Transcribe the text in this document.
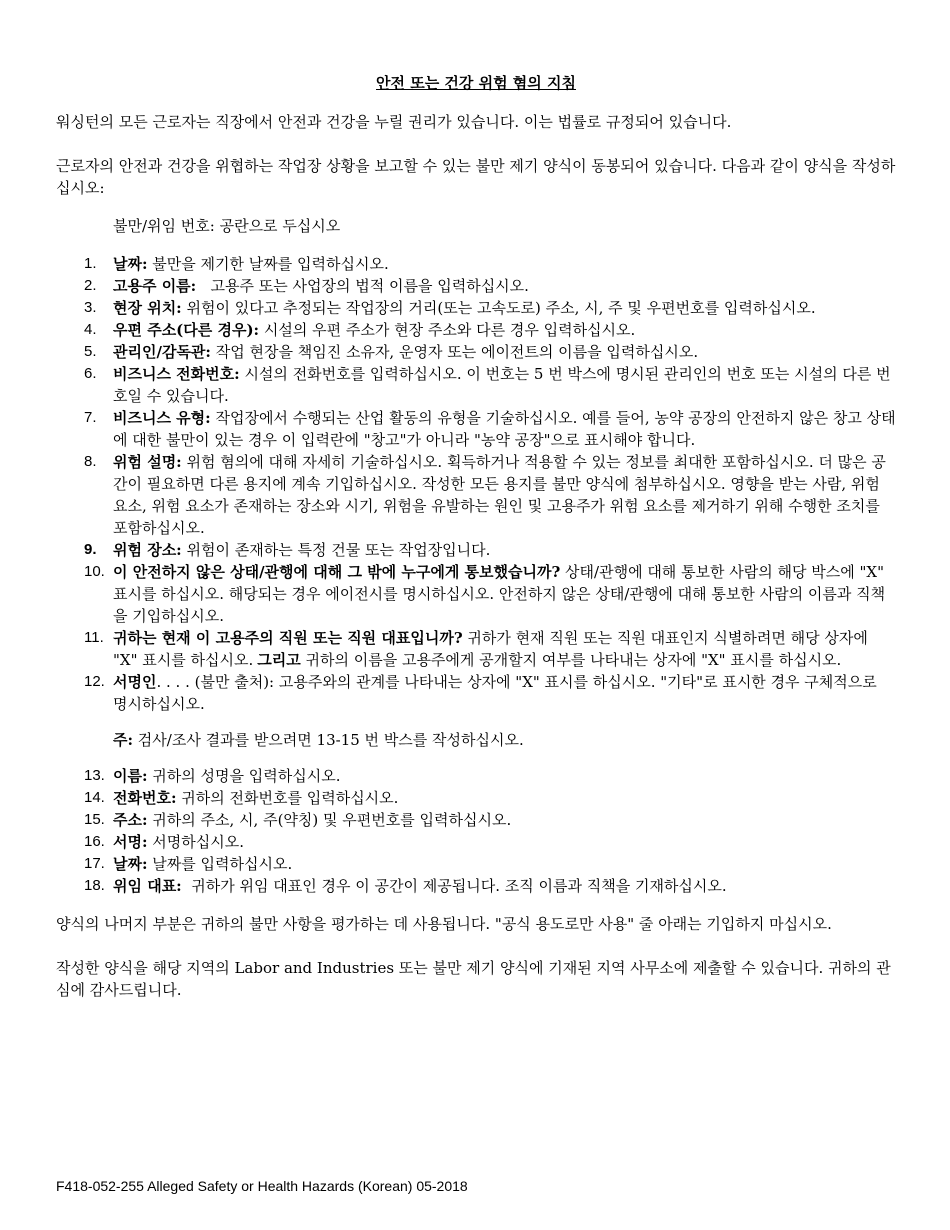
안전 또는 건강 위험 혐의 지침

워싱턴의 모든 근로자는 직장에서 안전과 건강을 누릴 권리가 있습니다. 이는 법률로 규정되어 있습니다.

근로자의 안전과 건강을 위협하는 작업장 상황을 보고할 수 있는 불만 제기 양식이 동봉되어 있습니다. 다음과 같이 양식을 작성하십시오:

불만/위임 번호: 공란으로 두십시오

1. 날짜: 불만을 제기한 날짜를 입력하십시오.
2. 고용주 이름:   고용주 또는 사업장의 법적 이름을 입력하십시오.
3. 현장 위치: 위험이 있다고 추정되는 작업장의 거리(또는 고속도로) 주소, 시, 주 및 우편번호를 입력하십시오.
4. 우편 주소(다른 경우): 시설의 우편 주소가 현장 주소와 다른 경우 입력하십시오.
5. 관리인/감독관: 작업 현장을 책임진 소유자, 운영자 또는 에이전트의 이름을 입력하십시오.
6. 비즈니스 전화번호: 시설의 전화번호를 입력하십시오. 이 번호는 5 번 박스에 명시된 관리인의 번호 또는 시설의 다른 번호일 수 있습니다.
7. 비즈니스 유형: 작업장에서 수행되는 산업 활동의 유형을 기술하십시오. 예를 들어, 농약 공장의 안전하지 않은 창고 상태에 대한 불만이 있는 경우 이 입력란에 "창고"가 아니라 "농약 공장"으로 표시해야 합니다.
8. 위험 설명: 위험 혐의에 대해 자세히 기술하십시오. 획득하거나 적용할 수 있는 정보를 최대한 포함하십시오. 더 많은 공간이 필요하면 다른 용지에 계속 기입하십시오. 작성한 모든 용지를 불만 양식에 첨부하십시오. 영향을 받는 사람, 위험 요소, 위험 요소가 존재하는 장소와 시기, 위험을 유발하는 원인 및 고용주가 위험 요소를 제거하기 위해 수행한 조치를 포함하십시오.
9. 위험 장소: 위험이 존재하는 특정 건물 또는 작업장입니다.
10. 이 안전하지 않은 상태/관행에 대해 그 밖에 누구에게 통보했습니까? 상태/관행에 대해 통보한 사람의 해당 박스에 "X" 표시를 하십시오. 해당되는 경우 에이전시를 명시하십시오. 안전하지 않은 상태/관행에 대해 통보한 사람의 이름과 직책을 기입하십시오.
11. 귀하는 현재 이 고용주의 직원 또는 직원 대표입니까? 귀하가 현재 직원 또는 직원 대표인지 식별하려면 해당 상자에 "X" 표시를 하십시오. 그리고 귀하의 이름을 고용주에게 공개할지 여부를 나타내는 상자에 "X" 표시를 하십시오.
12. 서명인. . . . (불만 출처): 고용주와의 관계를 나타내는 상자에 "X" 표시를 하십시오. "기타"로 표시한 경우 구체적으로 명시하십시오.

주: 검사/조사 결과를 받으려면 13-15 번 박스를 작성하십시오.

13. 이름: 귀하의 성명을 입력하십시오.
14. 전화번호: 귀하의 전화번호를 입력하십시오.
15. 주소: 귀하의 주소, 시, 주(약칭) 및 우편번호를 입력하십시오.
16. 서명: 서명하십시오.
17. 날짜: 날짜를 입력하십시오.
18. 위임 대표:  귀하가 위임 대표인 경우 이 공간이 제공됩니다. 조직 이름과 직책을 기재하십시오.

양식의 나머지 부분은 귀하의 불만 사항을 평가하는 데 사용됩니다. "공식 용도로만 사용" 줄 아래는 기입하지 마십시오.

작성한 양식을 해당 지역의 Labor and Industries 또는 불만 제기 양식에 기재된 지역 사무소에 제출할 수 있습니다. 귀하의 관심에 감사드립니다.

F418-052-255 Alleged Safety or Health Hazards (Korean) 05-2018
